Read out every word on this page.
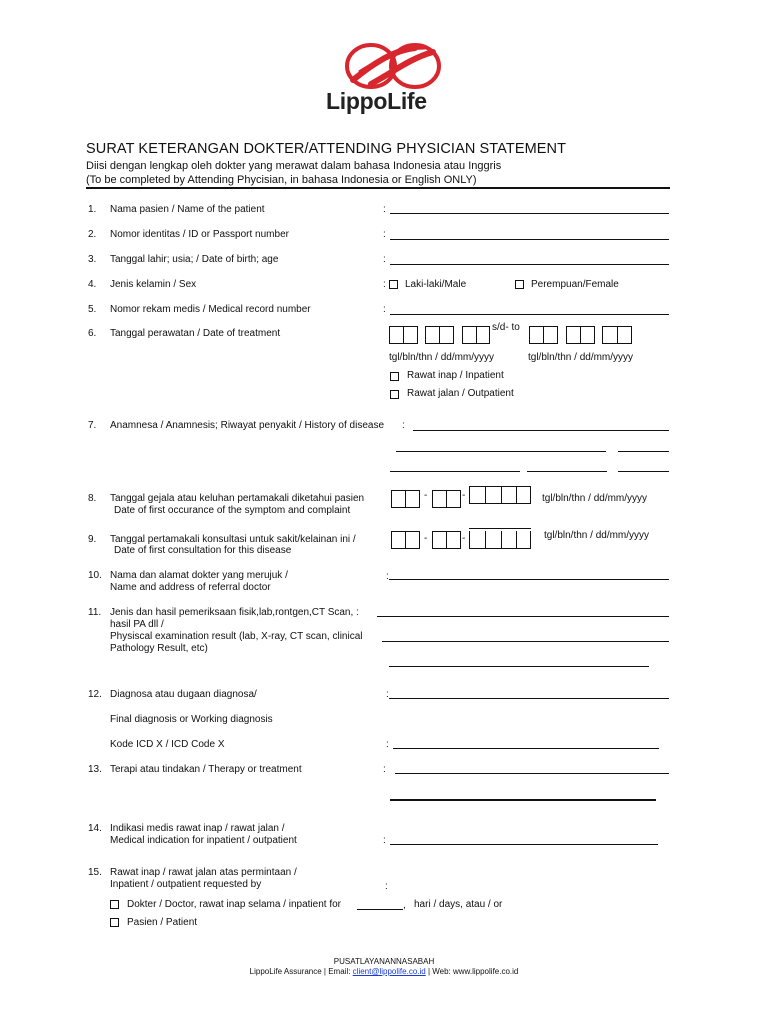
LippoLife
SURAT KETERANGAN DOKTER/ATTENDING PHYSICIAN STATEMENT
Diisi dengan lengkap oleh dokter yang merawat dalam bahasa Indonesia atau Inggris
(To be completed by Attending Phycisian, in bahasa Indonesia or English ONLY)
1. Nama pasien / Name of the patient	:
2. Nomor identitas / ID or Passport number	:
3. Tanggal lahir; usia; / Date of birth; age	:
4. Jenis kelamin / Sex	: Laki-laki/Male	Perempuan/Female
5. Nomor rekam medis / Medical record number	:
6. Tanggal perawatan / Date of treatment
s/d- to
tgl/bln/thn / dd/mm/yyyy	tgl/bln/thn / dd/mm/yyyy
Rawat inap / Inpatient
Rawat jalan / Outpatient
7. Anamnesa / Anamnesis; Riwayat penyakit / History of disease :
8. Tanggal gejala atau keluhan pertamakali diketahui pasien
Date of first occurance of the symptom and complaint
-	-	tgl/bln/thn / dd/mm/yyyy
9. Tanggal pertamakali konsultasi untuk sakit/kelainan ini /
Date of first consultation for this disease
-	-	tgl/bln/thn / dd/mm/yyyy
10. Nama dan alamat dokter yang merujuk /
Name and address of referral doctor
:
11. Jenis dan hasil pemeriksaan fisik,lab,rontgen,CT Scan, :
hasil PA dll /
Physiscal examination result (lab, X-ray, CT scan, clinical
Pathology Result, etc)
12. Diagnosa atau dugaan diagnosa/	:
Final diagnosis or Working diagnosis
Kode ICD X / ICD Code X	:
13. Terapi atau tindakan / Therapy or treatment	:
14. Indikasi medis rawat inap / rawat jalan /
Medical indication for inpatient / outpatient	:
15. Rawat inap / rawat jalan atas permintaan /
Inpatient / outpatient requested by	:
Dokter / Doctor, rawat inap selama / inpatient for	, hari / days, atau / or
Pasien / Patient
PUSATLAYANANNASABAH
LippoLife Assurance | Email: client@lippolife.co.id | Web: www.lippolife.co.id
